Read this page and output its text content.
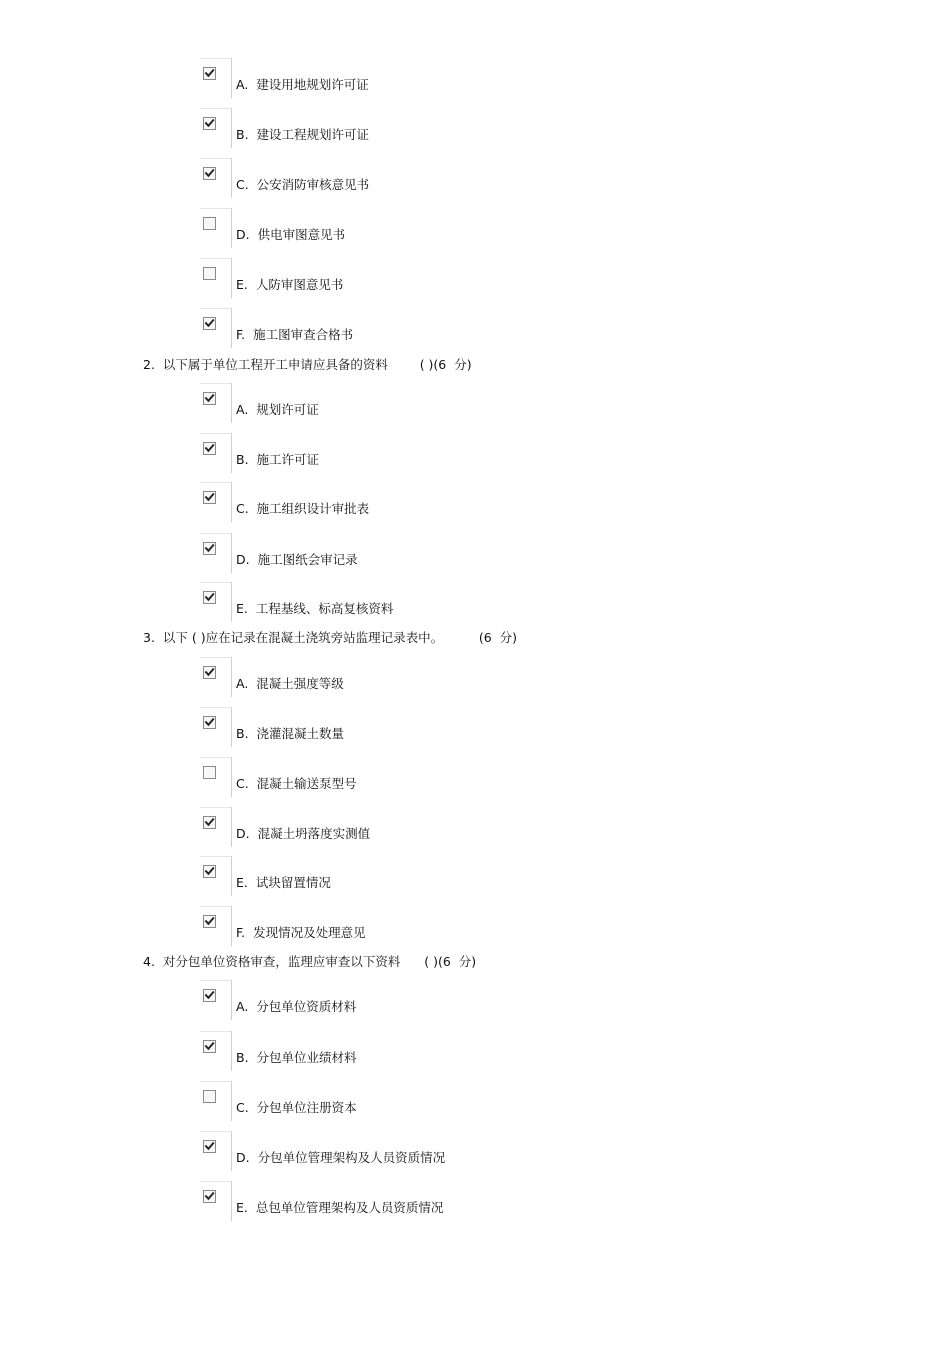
A. 建设用地规划许可证
B. 建设工程规划许可证
C. 公安消防审核意见书
D. 供电审图意见书
E. 人防审图意见书
F. 施工图审查合格书
2. 以下属于单位工程开工申请应具备的资料	( )(6  分)
A. 规划许可证
B. 施工许可证
C. 施工组织设计审批表
D. 施工图纸会审记录
E. 工程基线、标高复核资料
3. 以下 ( )应在记录在混凝土浇筑旁站监理记录表中。	(6  分)
A. 混凝土强度等级
B. 浇灌混凝土数量
C. 混凝土输送泵型号
D. 混凝土坍落度实测值
E. 试块留置情况
F. 发现情况及处理意见
4. 对分包单位资格审查，监理应审查以下资料 ( )(6  分)
A. 分包单位资质材料
B. 分包单位业绩材料
C. 分包单位注册资本
D. 分包单位管理架构及人员资质情况
E. 总包单位管理架构及人员资质情况
